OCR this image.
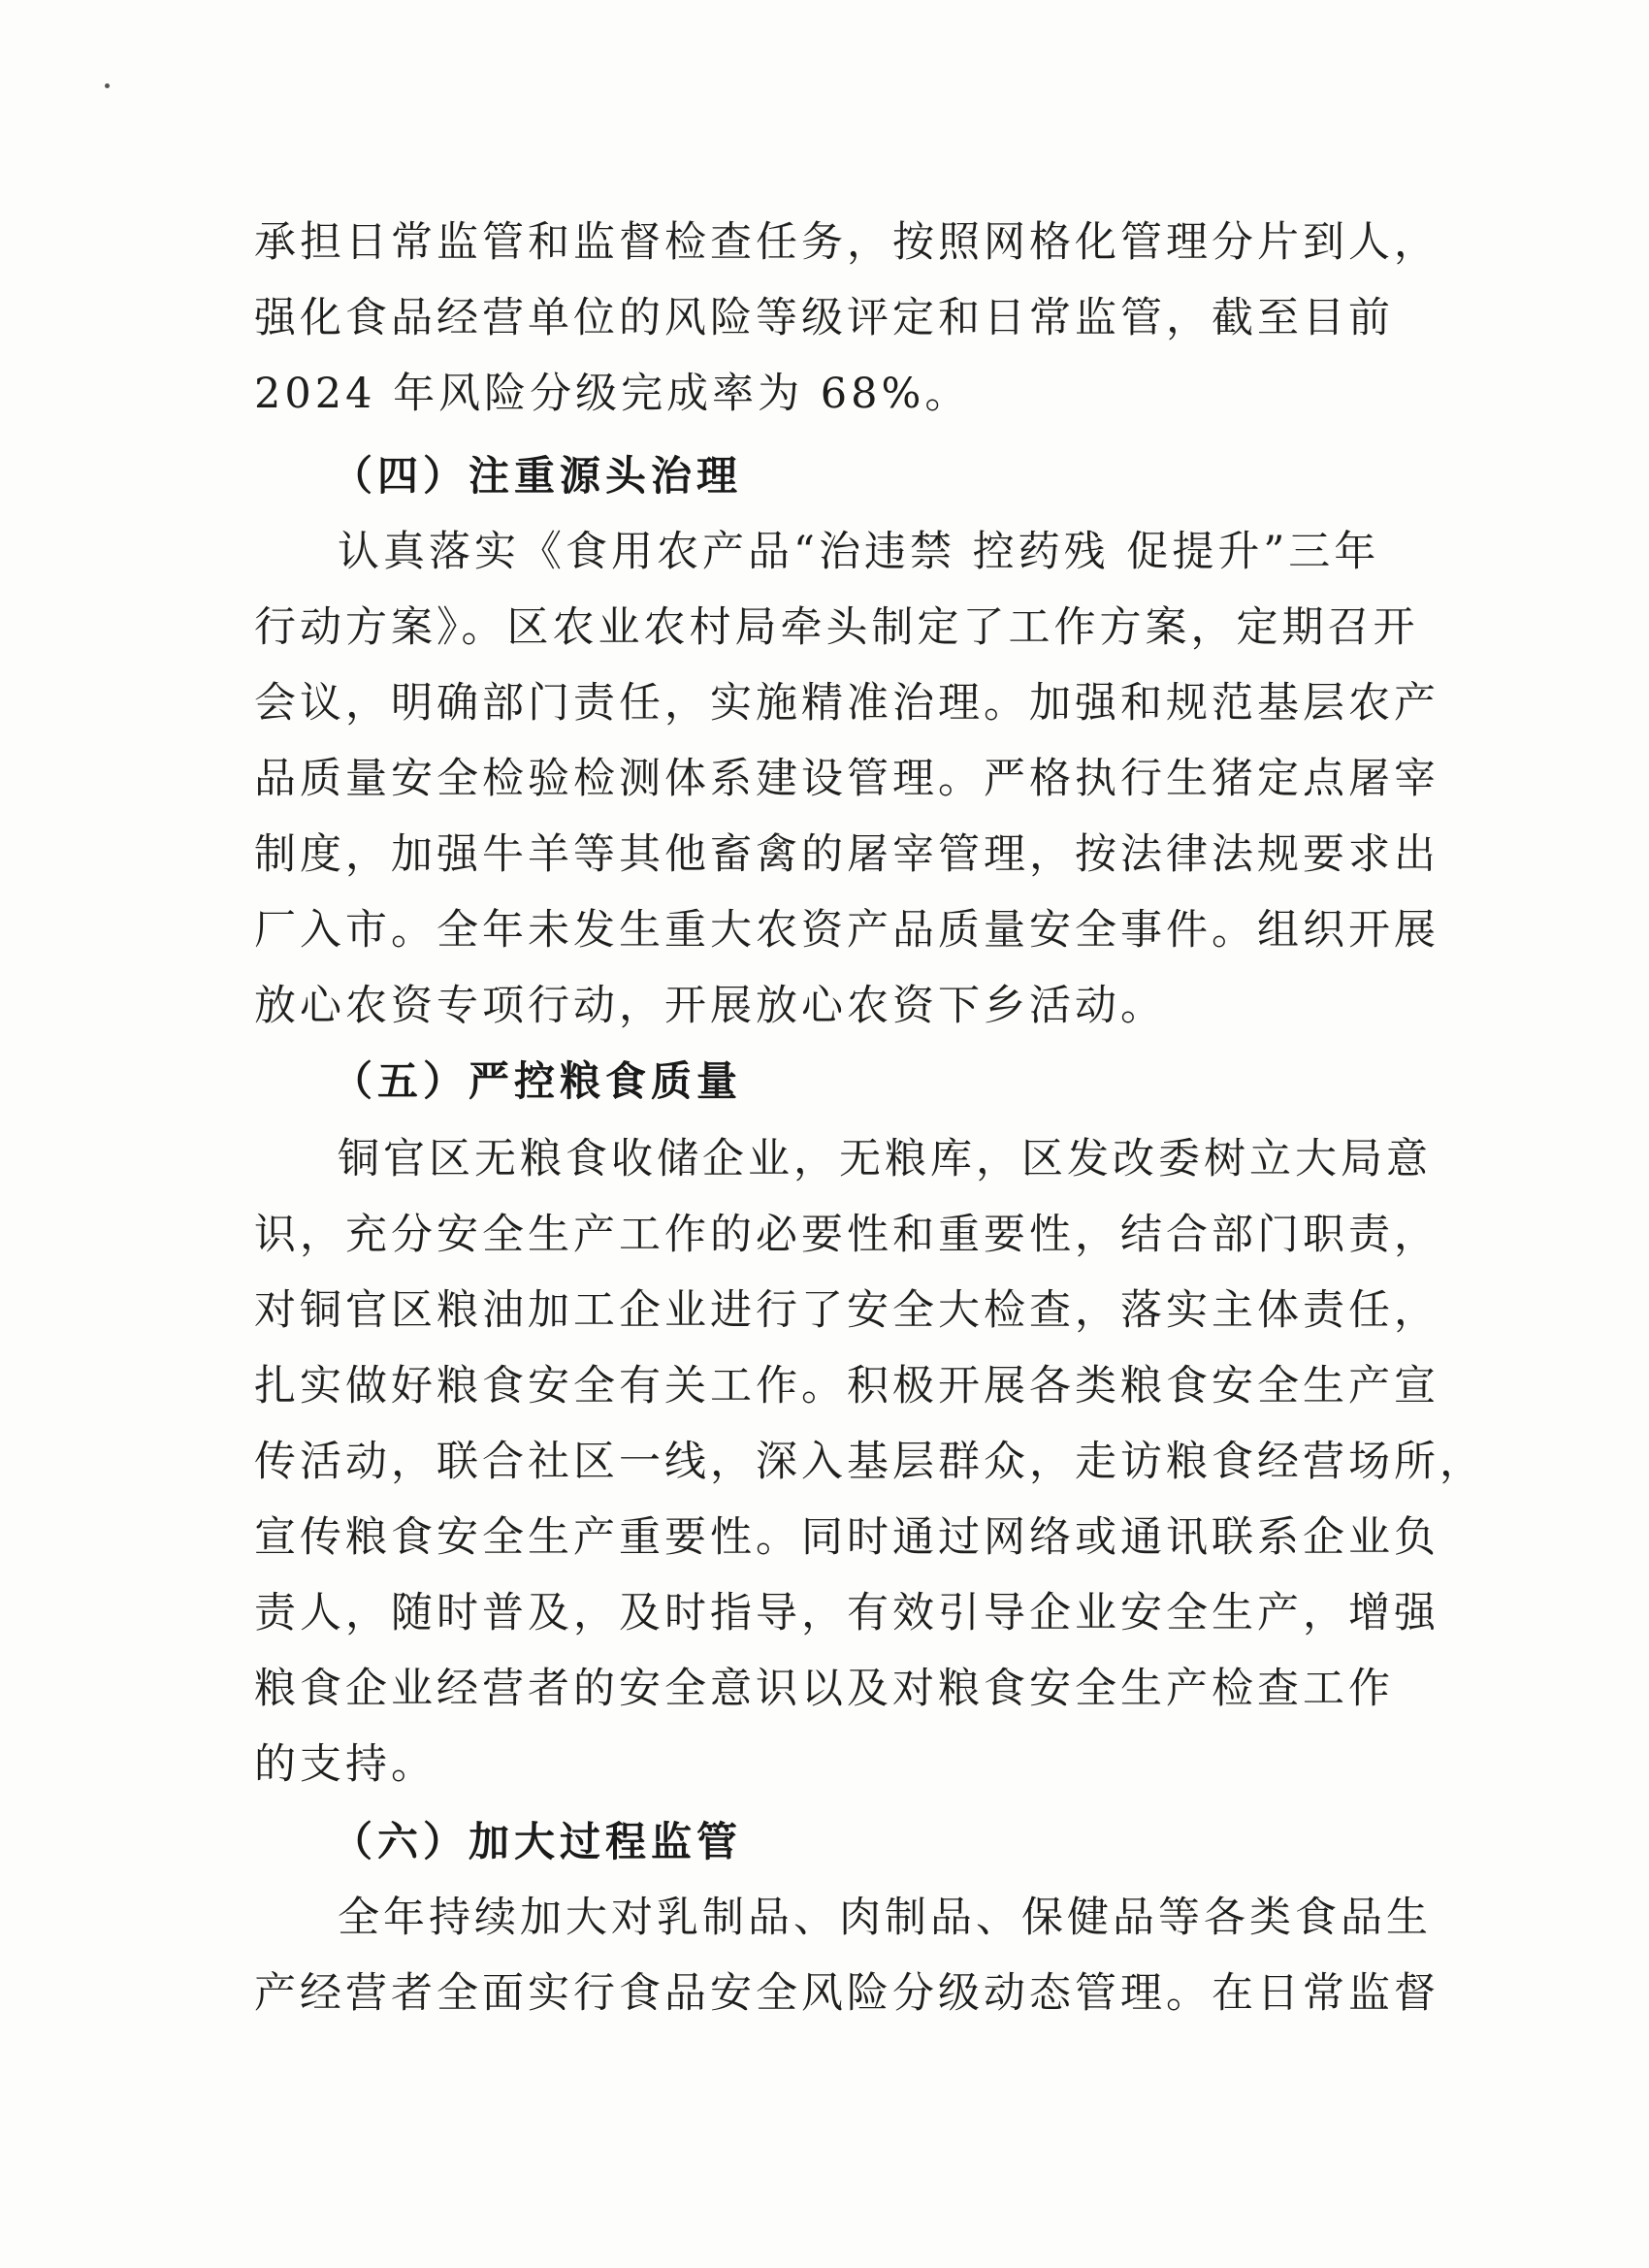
承担日常监管和监督检查任务，按照网格化管理分片到人，
强化食品经营单位的风险等级评定和日常监管，截至目前
2024 年风险分级完成率为 68%。
（四）注重源头治理
认真落实《食用农产品“治违禁 控药残 促提升”三年
行动方案》。区农业农村局牵头制定了工作方案，定期召开
会议，明确部门责任，实施精准治理。加强和规范基层农产
品质量安全检验检测体系建设管理。严格执行生猪定点屠宰
制度，加强牛羊等其他畜禽的屠宰管理，按法律法规要求出
厂入市。全年未发生重大农资产品质量安全事件。组织开展
放心农资专项行动，开展放心农资下乡活动。
（五）严控粮食质量
铜官区无粮食收储企业，无粮库，区发改委树立大局意
识，充分安全生产工作的必要性和重要性，结合部门职责，
对铜官区粮油加工企业进行了安全大检查，落实主体责任，
扎实做好粮食安全有关工作。积极开展各类粮食安全生产宣
传活动，联合社区一线，深入基层群众，走访粮食经营场所，
宣传粮食安全生产重要性。同时通过网络或通讯联系企业负
责人，随时普及，及时指导，有效引导企业安全生产，增强
粮食企业经营者的安全意识以及对粮食安全生产检查工作
的支持。
（六）加大过程监管
全年持续加大对乳制品、肉制品、保健品等各类食品生
产经营者全面实行食品安全风险分级动态管理。在日常监督
